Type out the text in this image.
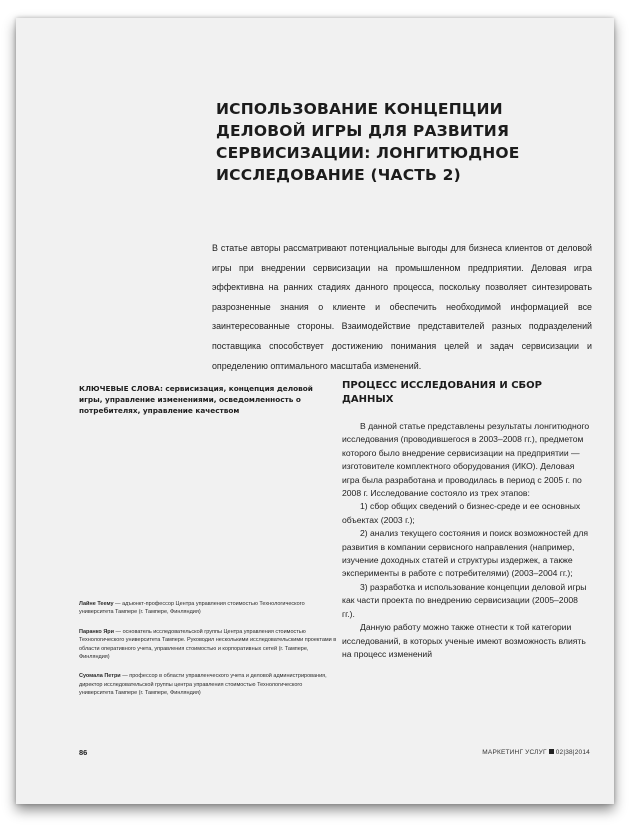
ИСПОЛЬЗОВАНИЕ КОНЦЕПЦИИ ДЕЛОВОЙ ИГРЫ ДЛЯ РАЗВИТИЯ СЕРВИСИЗАЦИИ: ЛОНГИТЮДНОЕ ИССЛЕДОВАНИЕ (ЧАСТЬ 2)

В статье авторы рассматривают потенциальные выгоды для бизнеса клиентов от деловой игры при внедрении сервисизации на промышленном предприятии. Деловая игра эффективна на ранних стадиях данного процесса, поскольку позволяет синтезировать разрозненные знания о клиенте и обеспечить необходимой информацией все заинтересованные стороны. Взаимодействие представителей разных подразделений поставщика способствует достижению понимания целей и задач сервисизации и определению оптимального масштаба изменений.

КЛЮЧЕВЫЕ СЛОВА: сервисизация, концепция деловой игры, управление изменениями, осведомленность о потребителях, управление качеством

Лайне Теему — адъюнкт-профессор Центра управления стоимостью Технологического университета Тампере (г. Тампере, Финляндия)

Паранко Яри — основатель исследовательской группы Центра управления стоимостью Технологического университета Тампере. Руководил несколькими исследовательскими проектами в области оперативного учета, управления стоимостью и корпоративных сетей (г. Тампере, Финляндия)

Суомала Петри — профессор в области управленческого учета и деловой администрирования, директор исследовательской группы центра управления стоимостью Технологического университета Тампере (г. Тампере, Финляндия)

ПРОЦЕСС ИССЛЕДОВАНИЯ И СБОР ДАННЫХ

В данной статье представлены результаты лонгитюдного исследования (проводившегося в 2003–2008 гг.), предметом которого было внедрение сервисизации на предприятии — изготовителе комплектного оборудования (ИКО). Деловая игра была разработана и проводилась в период с 2005 г. по 2008 г. Исследование состояло из трех этапов:

1) сбор общих сведений о бизнес-среде и ее основных объектах (2003 г.);

2) анализ текущего состояния и поиск возможностей для развития в компании сервисного направления (например, изучение доходных статей и структуры издержек, а также эксперименты в работе с потребителями) (2003–2004 гг.);

3) разработка и использование концепции деловой игры как части проекта по внедрению сервисизации (2005–2008 гг.).

Данную работу можно также отнести к той категории исследований, в которых ученые имеют возможность влиять на процесс изменений

86	МАРКЕТИНГ УСЛУГ 02|38|2014
